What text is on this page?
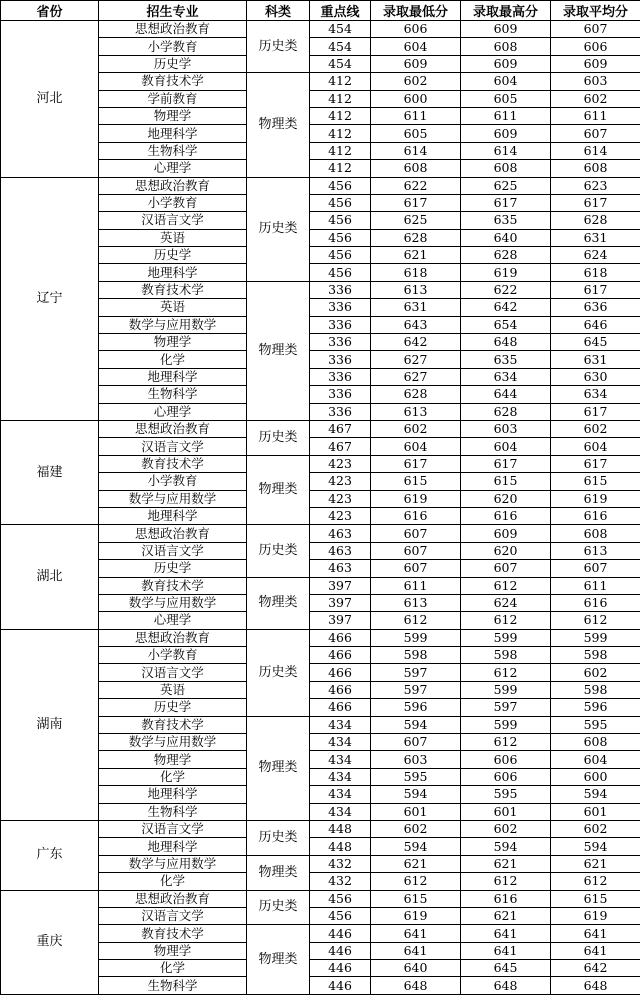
省份	招生专业	科类	重点线	录取最低分	录取最高分	录取平均分
河北	思想政治教育	历史类	454	606	609	607
	小学教育		454	604	608	606
	历史学		454	609	609	609
	教育技术学	物理类	412	602	604	603
	学前教育		412	600	605	602
	物理学		412	611	611	611
	地理科学		412	605	609	607
	生物科学		412	614	614	614
	心理学		412	608	608	608
辽宁	思想政治教育	历史类	456	622	625	623
	小学教育		456	617	617	617
	汉语言文学		456	625	635	628
	英语		456	628	640	631
	历史学		456	621	628	624
	地理科学		456	618	619	618
	教育技术学	物理类	336	613	622	617
	英语		336	631	642	636
	数学与应用数学		336	643	654	646
	物理学		336	642	648	645
	化学		336	627	635	631
	地理科学		336	627	634	630
	生物科学		336	628	644	634
	心理学		336	613	628	617
福建	思想政治教育	历史类	467	602	603	602
	汉语言文学		467	604	604	604
	教育技术学	物理类	423	617	617	617
	小学教育		423	615	615	615
	数学与应用数学		423	619	620	619
	地理科学		423	616	616	616
湖北	思想政治教育	历史类	463	607	609	608
	汉语言文学		463	607	620	613
	历史学		463	607	607	607
	教育技术学	物理类	397	611	612	611
	数学与应用数学		397	613	624	616
	心理学		397	612	612	612
湖南	思想政治教育	历史类	466	599	599	599
	小学教育		466	598	598	598
	汉语言文学		466	597	612	602
	英语		466	597	599	598
	历史学		466	596	597	596
	教育技术学	物理类	434	594	599	595
	数学与应用数学		434	607	612	608
	物理学		434	603	606	604
	化学		434	595	606	600
	地理科学		434	594	595	594
	生物科学		434	601	601	601
广东	汉语言文学	历史类	448	602	602	602
	地理科学		448	594	594	594
	数学与应用数学	物理类	432	621	621	621
	化学		432	612	612	612
重庆	思想政治教育	历史类	456	615	616	615
	汉语言文学		456	619	621	619
	教育技术学	物理类	446	641	641	641
	物理学		446	641	641	641
	化学		446	640	645	642
	生物科学		446	648	648	648
